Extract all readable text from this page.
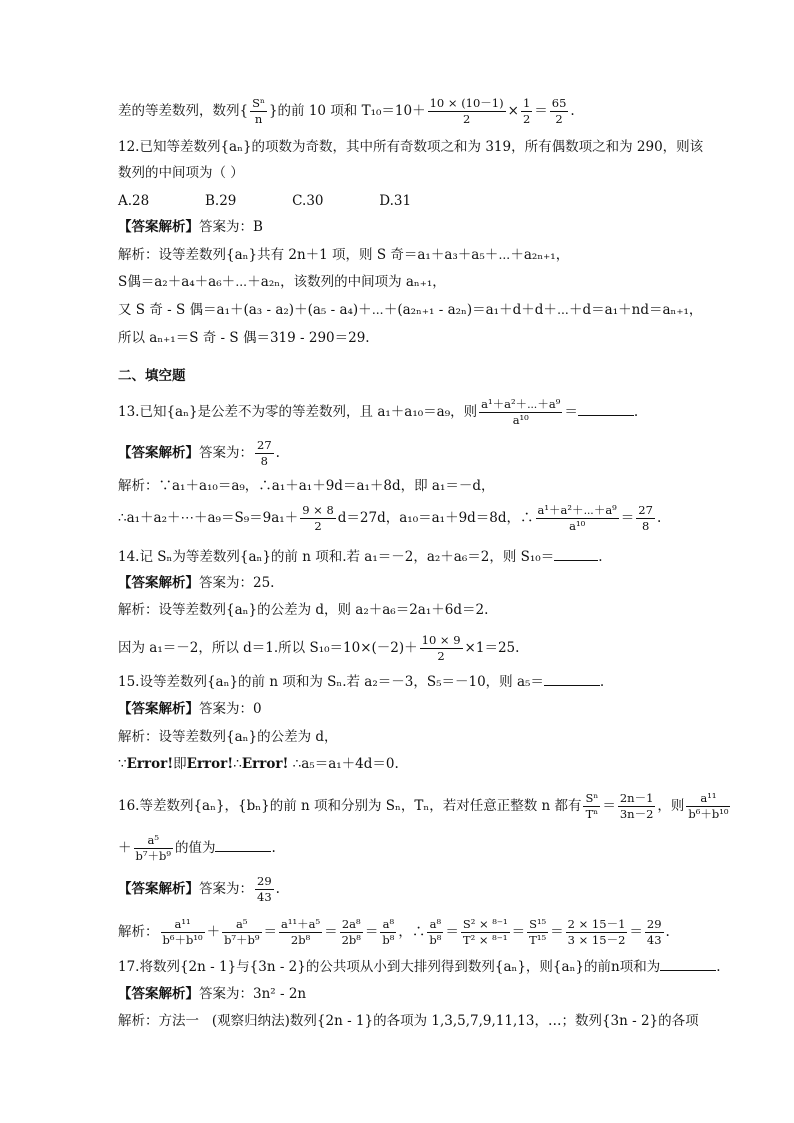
差的等差数列，数列{ $\frac{\text{Sⁿ}}{n}$ }的前 10 项和 $T_{10}=10+ \frac{10 \times (10-1)}{2} \times \frac{1}{2} = \frac{65}{2}$ .
12.已知等差数列{aₙ}的项数为奇数，其中所有奇数项之和为 319，所有偶数项之和为 290，则该
数列的中间项为（ ）
A.28             B.29             C.30             D.31
【答案解析】答案为：B
解析：设等差数列{aₙ}共有 2n＋1 项，则 S 奇＝a₁＋a₃＋a₅＋⋯＋a₂ₙ₊₁，
S偶＝a₂＋a₄＋a₆＋⋯＋a₂ₙ，该数列的中间项为 aₙ₊₁，
又 S 奇 - S 偶＝a₁＋(a₃ - a₂)＋(a₅ - a₄)＋⋯＋(a₂ₙ₊₁ - a₂ₙ)＝a₁＋d＋d＋⋯＋d＝a₁＋nd＝aₙ₊₁，
所以 aₙ₊₁＝S 奇 - S 偶＝319 - 290＝29.
二、填空题
13.已知{aₙ}是公差不为零的等差数列，且 a₁＋a₁₀＝a₉，则 $\frac{\text{a¹＋a²＋⋯＋a⁹}}{\text{a¹⁰}}$ ＝	.
【答案解析】答案为： $\frac{27}{8}$ .
解析：∵a₁＋a₁₀＝a₉，∴a₁＋a₁＋9d＝a₁＋8d，即 a₁＝－d，
∴a₁＋a₂＋⋯＋a₉＝S₉＝9a₁＋ $\frac{9 \times 8}{2} d=27d$，a₁₀＝a₁＋9d＝8d，∴ $\frac{\text{a¹＋a²＋⋯＋a⁹}}{\text{a¹⁰}} = \frac{27}{8}$ .
14.记 Sₙ为等差数列{aₙ}的前 n 项和.若 a₁＝－2，a₂＋a₆＝2，则 S₁₀＝	.
【答案解析】答案为：25.
解析：设等差数列{aₙ}的公差为 d，则 a₂＋a₆＝2a₁＋6d＝2.
因为 a₁＝－2，所以 d＝1.所以 $S_{10}=10\times(-2)+ \frac{10 \times 9}{2} \times 1=25$.
15.设等差数列{aₙ}的前 n 项和为 Sₙ.若 a₂＝－3，S₅＝－10，则 a₅＝	.
【答案解析】答案为：0
解析：设等差数列{aₙ}的公差为 d，
∵Error!即Error!∴Error! ∴a₅＝a₁＋4d＝0.
16.等差数列{aₙ}，{bₙ}的前 n 项和分别为 Sₙ，Tₙ，若对任意正整数 n 都有 $\frac{\text{Sⁿ}}{\text{Tⁿ}} = \frac{2n-1}{3n-2}$ ，则 $\frac{\text{a¹¹}}{\text{b⁶＋b¹⁰}}$
＋ $\frac{\text{a⁵}}{\text{b⁷＋b⁹}}$ 的值为	.
【答案解析】答案为： $\frac{29}{43}$ .
解析： $\frac{\text{a¹¹}}{\text{b⁶＋b¹⁰}} + \frac{\text{a⁵}}{\text{b⁷＋b⁹}} = \frac{\text{a¹¹＋a⁵}}{\text{2b⁸}} = \frac{\text{2a⁸}}{\text{2b⁸}} = \frac{\text{a⁸}}{\text{b⁸}}$ ，∴ $\frac{\text{a⁸}}{\text{b⁸}} = \frac{\text{S² × ⁸⁻¹}}{\text{T² × ⁸⁻¹}} = \frac{\text{S¹⁵}}{\text{T¹⁵}} = \frac{2 \times 15-1}{3 \times 15-2} = \frac{29}{43}$ .
17.将数列{2n - 1}与{3n - 2}的公共项从小到大排列得到数列{aₙ}，则{aₙ}的前n项和为	.
【答案解析】答案为：3n² - 2n
解析：方法一   (观察归纳法)数列{2n - 1}的各项为 1,3,5,7,9,11,13，…；数列{3n - 2}的各项
